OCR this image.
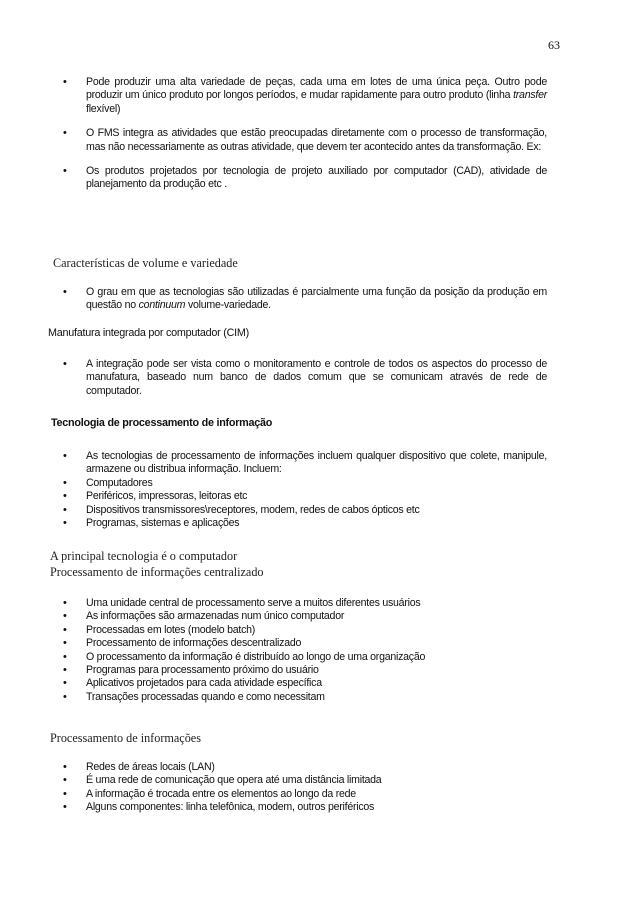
63
• Pode produzir uma alta variedade de peças, cada uma em lotes de uma única peça. Outro pode produzir um único produto por longos períodos, e mudar rapidamente para outro produto (linha transfer flexível)
• O FMS integra as atividades que estão preocupadas diretamente com o processo de transformação, mas não necessariamente as outras atividade, que devem ter acontecido antes da transformação. Ex:
• Os produtos projetados por tecnologia de projeto auxiliado por computador (CAD), atividade de planejamento da produção etc .
Características de volume e variedade
• O grau em que as tecnologias são utilizadas é parcialmente uma função da posição da produção em questão no continuum volume-variedade.
Manufatura integrada por computador (CIM)
• A integração pode ser vista como o monitoramento e controle de todos os aspectos do processo de manufatura, baseado num banco de dados comum que se comunicam através de rede de computador.
Tecnologia de processamento de informação
• As tecnologias de processamento de informações incluem qualquer dispositivo que colete, manipule, armazene ou distribua informação. Incluem:
• Computadores
• Periféricos, impressoras, leitoras etc
• Dispositivos transmissores\receptores, modem, redes de cabos ópticos etc
• Programas, sistemas e aplicações
A principal tecnologia é o computador
Processamento de informações centralizado
• Uma unidade central de processamento serve a muitos diferentes usuários
• As informações são armazenadas num único computador
• Processadas em lotes (modelo batch)
• Processamento de informações descentralizado
• O processamento da informação é distribuído ao longo de uma organização
• Programas para processamento próximo do usuário
• Aplicativos projetados para cada atividade específica
• Transações processadas quando e como necessitam
Processamento de informações
• Redes de áreas locais (LAN)
• É uma rede de comunicação que opera até uma distância limitada
• A informação é trocada entre os elementos ao longo da rede
• Alguns componentes: linha telefônica, modem, outros periféricos
